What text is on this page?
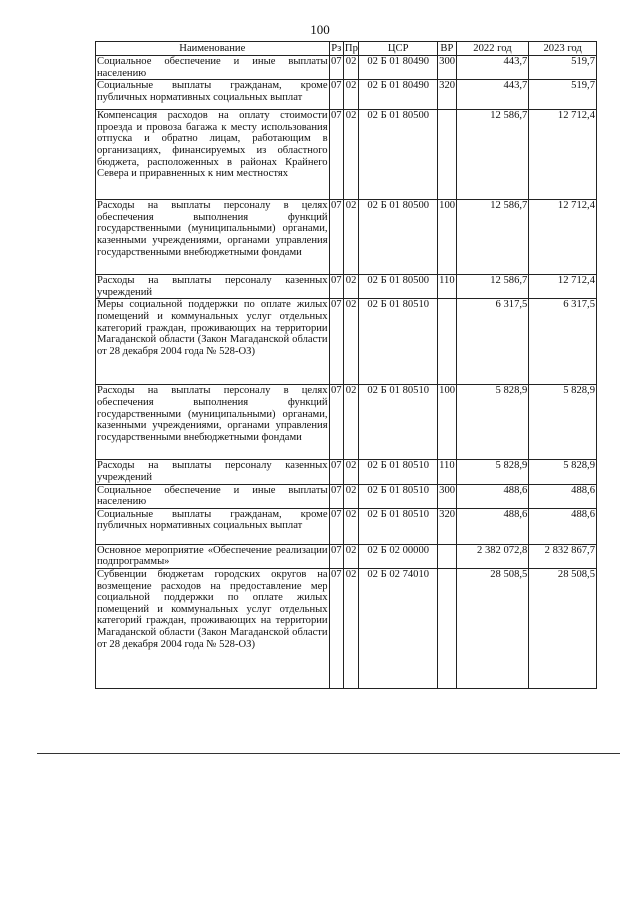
100
Наименование	Рз	Пр	ЦСР	ВР	2022 год	2023 год
Социальное обеспечение и иные выплаты населению	07	02	02 Б 01 80490	300	443,7	519,7
Социальные выплаты гражданам, кроме публичных нормативных социальных выплат	07	02	02 Б 01 80490	320	443,7	519,7
Компенсация расходов на оплату стоимости проезда и провоза багажа к месту использования отпуска и обратно лицам, работающим в организациях, финансируемых из областного бюджета, расположенных в районах Крайнего Севера и приравненных к ним местностях	07	02	02 Б 01 80500		12 586,7	12 712,4
Расходы на выплаты персоналу в целях обеспечения выполнения функций государственными (муниципальными) органами, казенными учреждениями, органами управления государственными внебюджетными фондами	07	02	02 Б 01 80500	100	12 586,7	12 712,4
Расходы на выплаты персоналу казенных учреждений	07	02	02 Б 01 80500	110	12 586,7	12 712,4
Меры социальной поддержки по оплате жилых помещений и коммунальных услуг отдельных категорий граждан, проживающих на территории Магаданской области (Закон Магаданской области от 28 декабря 2004 года № 528-ОЗ)	07	02	02 Б 01 80510		6 317,5	6 317,5
Расходы на выплаты персоналу в целях обеспечения выполнения функций государственными (муниципальными) органами, казенными учреждениями, органами управления государственными внебюджетными фондами	07	02	02 Б 01 80510	100	5 828,9	5 828,9
Расходы на выплаты персоналу казенных учреждений	07	02	02 Б 01 80510	110	5 828,9	5 828,9
Социальное обеспечение и иные выплаты населению	07	02	02 Б 01 80510	300	488,6	488,6
Социальные выплаты гражданам, кроме публичных нормативных социальных выплат	07	02	02 Б 01 80510	320	488,6	488,6
Основное мероприятие «Обеспечение реализации подпрограммы»	07	02	02 Б 02 00000		2 382 072,8	2 832 867,7
Субвенции бюджетам городских округов на возмещение расходов на предоставление мер социальной поддержки по оплате жилых помещений и коммунальных услуг отдельных категорий граждан, проживающих на территории Магаданской области (Закон Магаданской области от 28 декабря 2004 года № 528-ОЗ)	07	02	02 Б 02 74010		28 508,5	28 508,5
